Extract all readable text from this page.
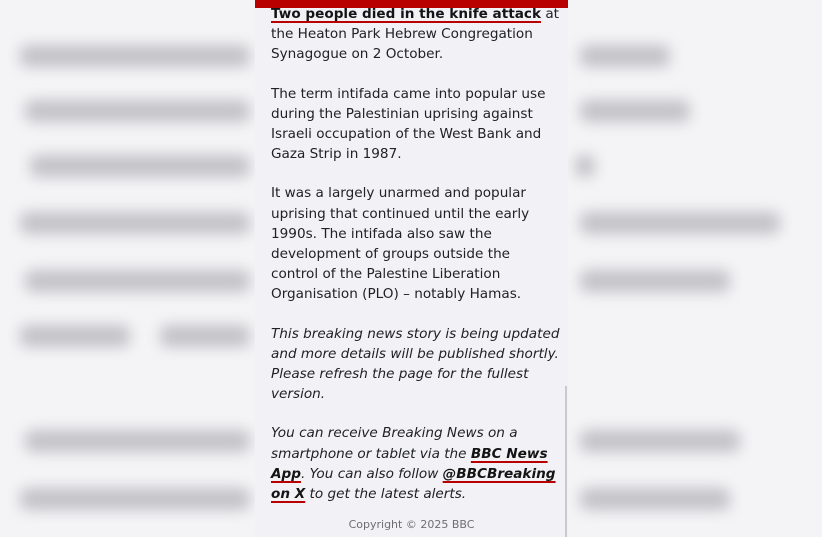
Two people died in the knife attack at the Heaton Park Hebrew Congregation Synagogue on 2 October.

The term intifada came into popular use during the Palestinian uprising against Israeli occupation of the West Bank and Gaza Strip in 1987.

It was a largely unarmed and popular uprising that continued until the early 1990s. The intifada also saw the development of groups outside the control of the Palestine Liberation Organisation (PLO) – notably Hamas.

This breaking news story is being updated and more details will be published shortly. Please refresh the page for the fullest version.

You can receive Breaking News on a smartphone or tablet via the BBC News App. You can also follow @BBCBreaking on X to get the latest alerts.

Copyright © 2025 BBC
